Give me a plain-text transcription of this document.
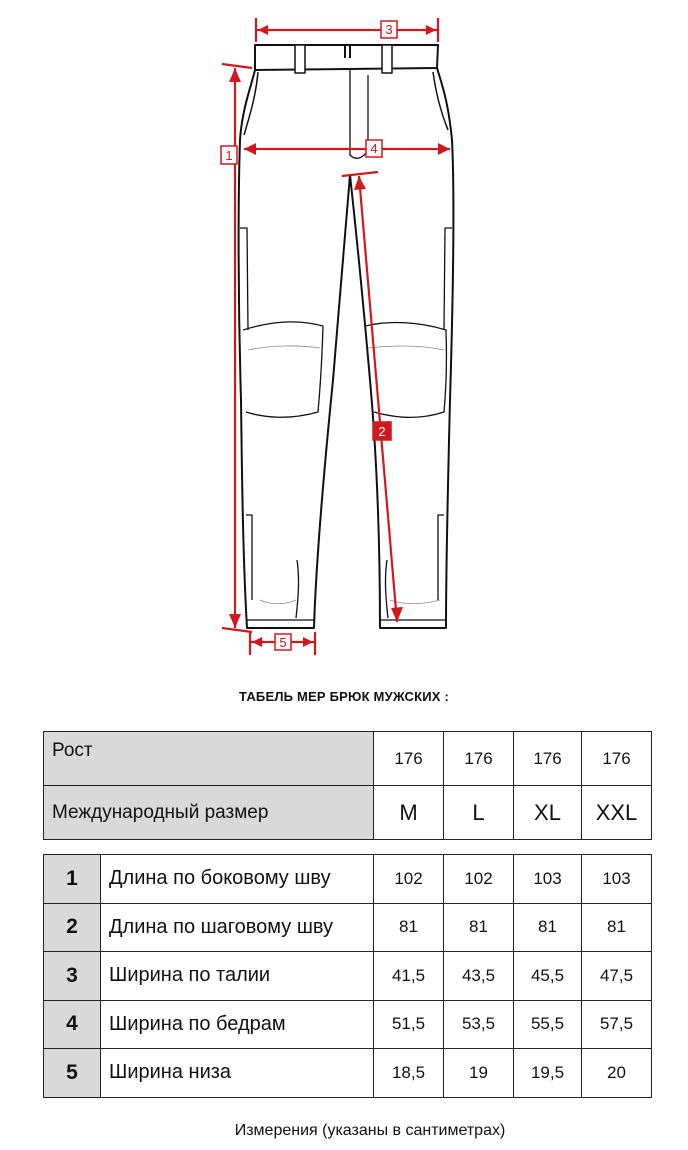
3
4
1
2
5
ТАБЕЛЬ МЕР БРЮК МУЖСКИХ :
Рост	176	176	176	176
Международный размер	M	L	XL	XXL
1	Длина по боковому шву	102	102	103	103
2	Длина по шаговому шву	81	81	81	81
3	Ширина по талии	41,5	43,5	45,5	47,5
4	Ширина по бедрам	51,5	53,5	55,5	57,5
5	Ширина низа	18,5	19	19,5	20
Измерения (указаны в сантиметрах)
